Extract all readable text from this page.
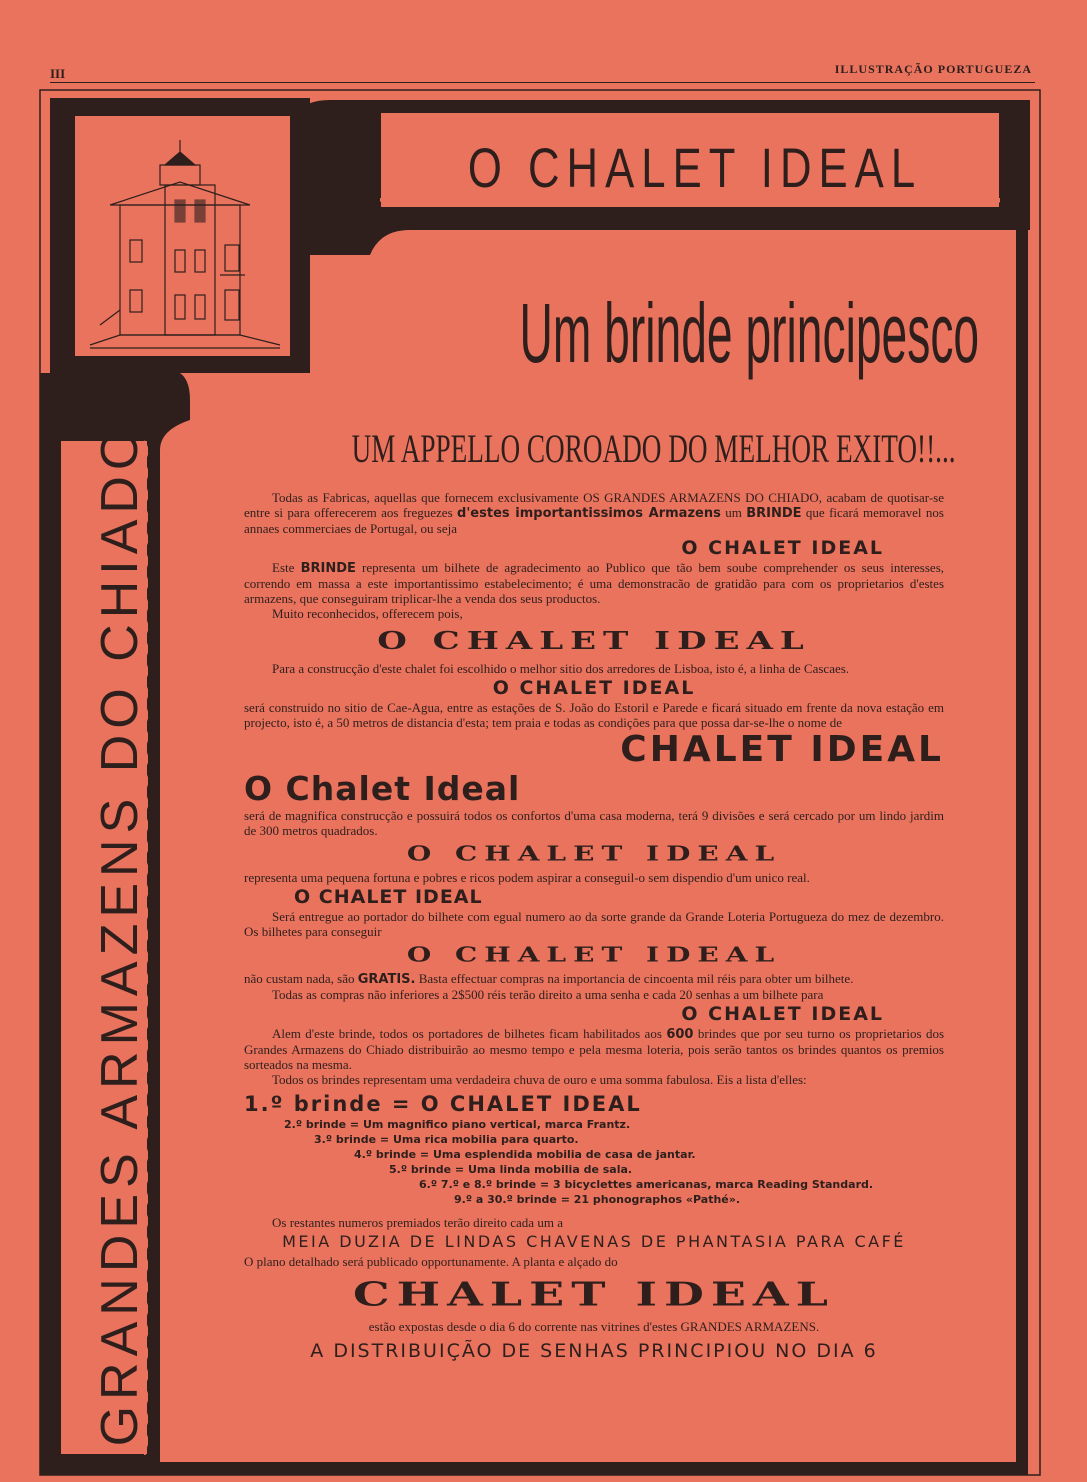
III	ILLUSTRAÇÃO PORTUGUEZA
O CHALET IDEAL
GRANDES ARMAZENS DO CHIADO
Um brinde principesco
UM APPELLO COROADO DO MELHOR EXITO!!...

Todas as Fabricas, aquellas que fornecem exclusivamente OS GRANDES ARMAZENS DO CHIADO, acabam de quotisar-se entre si para offerecerem aos freguezes d'estes importantissimos Armazens um BRINDE que ficará memoravel nos annaes commerciaes de Portugal, ou seja

O CHALET IDEAL

Este BRINDE representa um bilhete de agradecimento ao Publico que tão bem soube comprehender os seus interesses, correndo em massa a este importantissimo estabelecimento; é uma demonstracão de gratidão para com os proprietarios d'estes armazens, que conseguiram triplicar-lhe a venda dos seus productos.

Muito reconhecidos, offerecem pois,

O CHALET IDEAL

Para a construcção d'este chalet foi escolhido o melhor sitio dos arredores de Lisboa, isto é, a linha de Cascaes.

O CHALET IDEAL

será construido no sitio de Cae-Agua, entre as estações de S. João do Estoril e Parede e ficará situado em frente da nova estação em projecto, isto é, a 50 metros de distancia d'esta; tem praia e todas as condições para que possa dar-se-lhe o nome de

CHALET IDEAL

O Chalet Ideal

será de magnifica construcção e possuirá todos os confortos d'uma casa moderna, terá 9 divisões e será cercado por um lindo jardim de 300 metros quadrados.

O CHALET IDEAL

representa uma pequena fortuna e pobres e ricos podem aspirar a conseguil-o sem dispendio d'um unico real.

O CHALET IDEAL

Será entregue ao portador do bilhete com egual numero ao da sorte grande da Grande Loteria Portugueza do mez de dezembro. Os bilhetes para conseguir

O CHALET IDEAL

não custam nada, são GRATIS. Basta effectuar compras na importancia de cincoenta mil réis para obter um bilhete.

Todas as compras não inferiores a 2$500 réis terão direito a uma senha e cada 20 senhas a um bilhete para

O CHALET IDEAL

Alem d'este brinde, todos os portadores de bilhetes ficam habilitados aos 600 brindes que por seu turno os proprietarios dos Grandes Armazens do Chiado distribuirão ao mesmo tempo e pela mesma loteria, pois serão tantos os brindes quantos os premios sorteados na mesma.

Todos os brindes representam uma verdadeira chuva de ouro e uma somma fabulosa. Eis a lista d'elles:

1.º brinde = O CHALET IDEAL

2.º brinde = Um magnifico piano vertical, marca Frantz.

3.º brinde = Uma rica mobilia para quarto.

4.º brinde = Uma esplendida mobilia de casa de jantar.

5.º brinde = Uma linda mobilia de sala.

6.º 7.º e 8.º brinde = 3 bicyclettes americanas, marca Reading Standard.

9.º a 30.º brinde = 21 phonographos «Pathé».

Os restantes numeros premiados terão direito cada um a

MEIA DUZIA DE LINDAS CHAVENAS DE PHANTASIA PARA CAFÉ

O plano detalhado será publicado opportunamente. A planta e alçado do

CHALET IDEAL

estão expostas desde o dia 6 do corrente nas vitrines d'estes GRANDES ARMAZENS.

A DISTRIBUIÇÃO DE SENHAS PRINCIPIOU NO DIA 6
